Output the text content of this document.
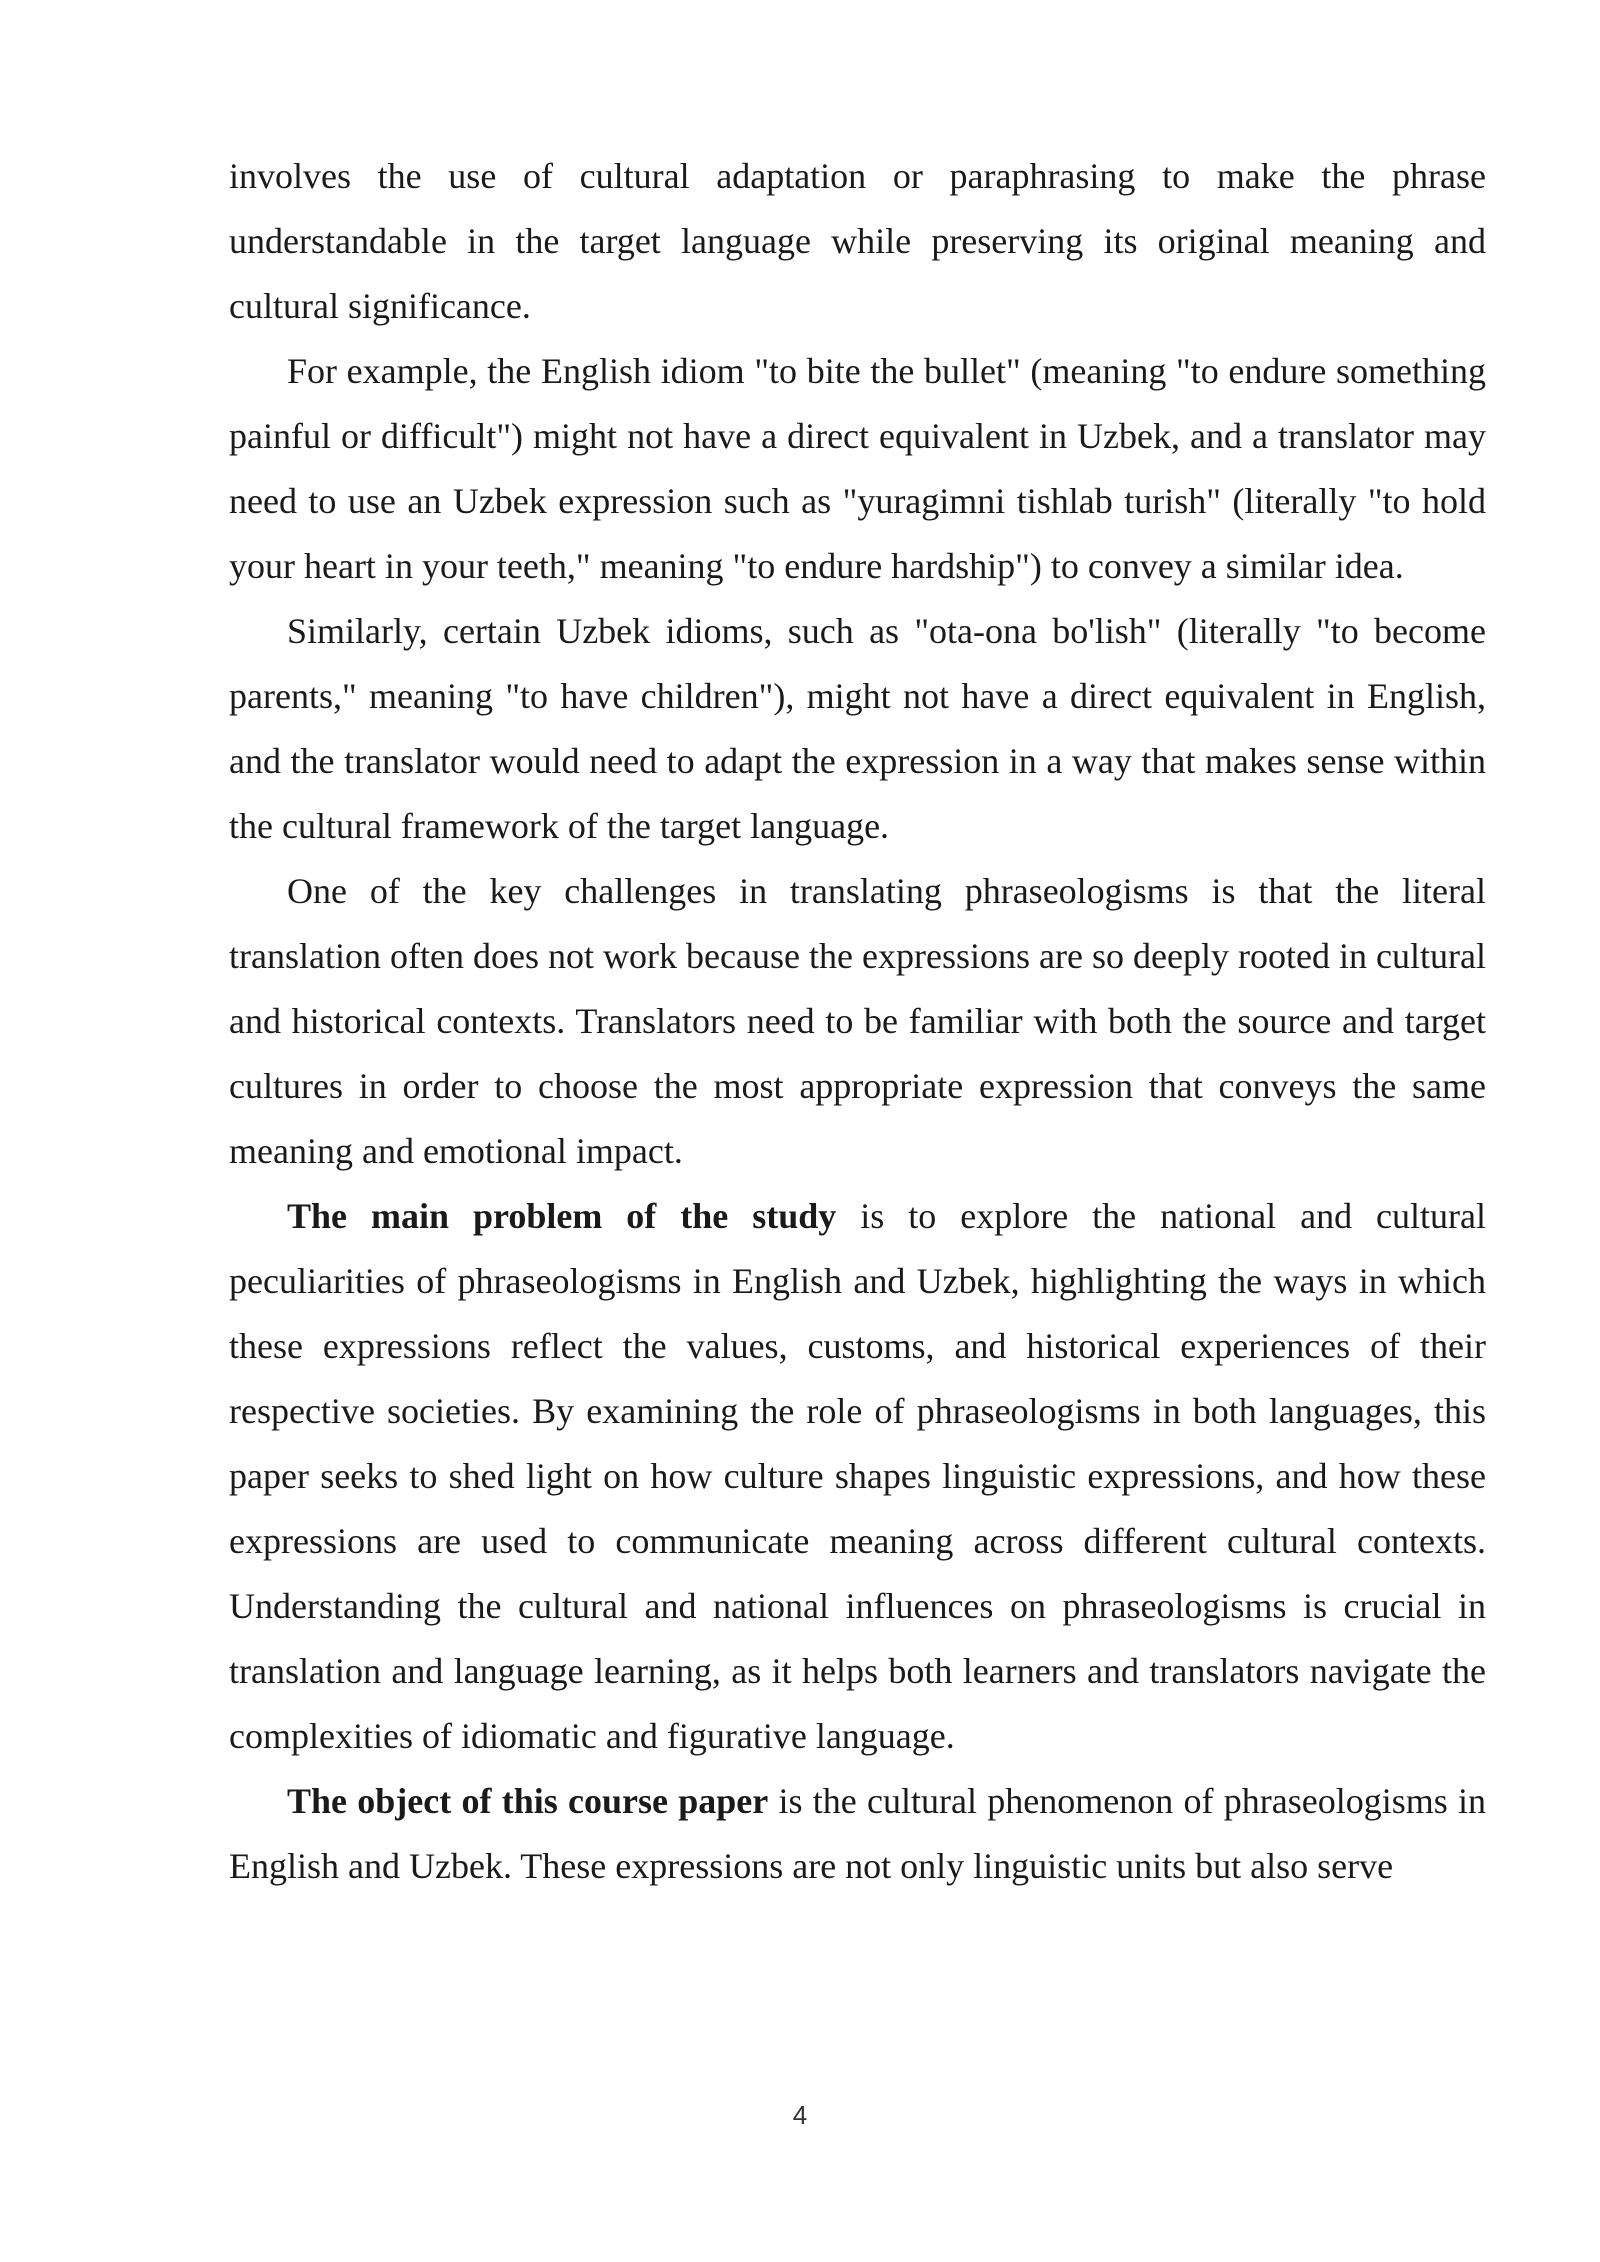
involves the use of cultural adaptation or paraphrasing to make the phrase understandable in the target language while preserving its original meaning and cultural significance.

For example, the English idiom "to bite the bullet" (meaning "to endure something painful or difficult") might not have a direct equivalent in Uzbek, and a translator may need to use an Uzbek expression such as "yuragimni tishlab turish" (literally "to hold your heart in your teeth," meaning "to endure hardship") to convey a similar idea.

Similarly, certain Uzbek idioms, such as "ota-ona bo'lish" (literally "to become parents," meaning "to have children"), might not have a direct equivalent in English, and the translator would need to adapt the expression in a way that makes sense within the cultural framework of the target language.

One of the key challenges in translating phraseologisms is that the literal translation often does not work because the expressions are so deeply rooted in cultural and historical contexts. Translators need to be familiar with both the source and target cultures in order to choose the most appropriate expression that conveys the same meaning and emotional impact.

The main problem of the study is to explore the national and cultural peculiarities of phraseologisms in English and Uzbek, highlighting the ways in which these expressions reflect the values, customs, and historical experiences of their respective societies. By examining the role of phraseologisms in both languages, this paper seeks to shed light on how culture shapes linguistic expressions, and how these expressions are used to communicate meaning across different cultural contexts. Understanding the cultural and national influences on phraseologisms is crucial in translation and language learning, as it helps both learners and translators navigate the complexities of idiomatic and figurative language.

The object of this course paper is the cultural phenomenon of phraseologisms in English and Uzbek. These expressions are not only linguistic units but also serve

4
